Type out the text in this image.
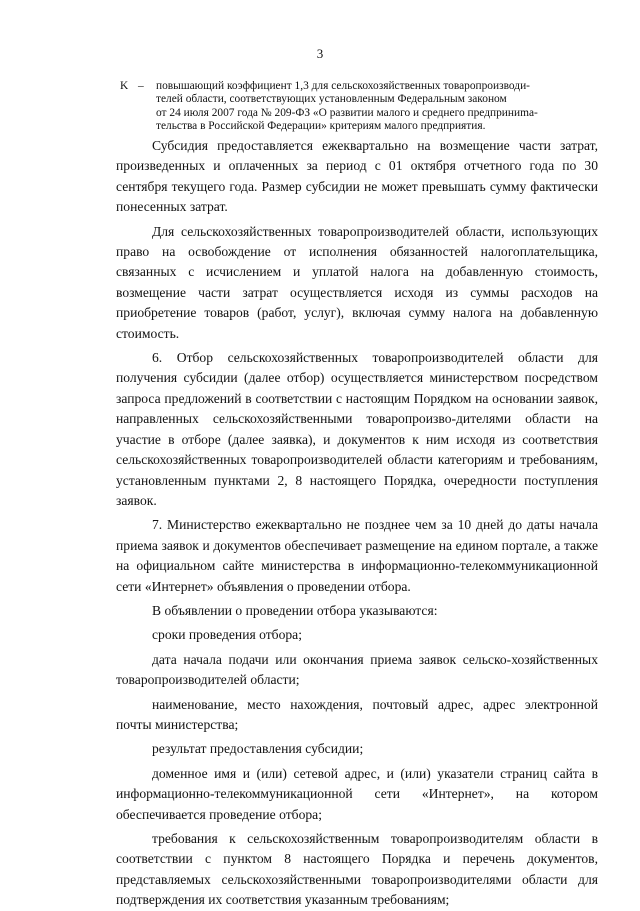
3
K – повышающий коэффициент 1,3 для сельскохозяйственных товаропроизводи-
телей области, соответствующих установленным Федеральным законом
от 24 июля 2007 года № 209-ФЗ «О развитии малого и среднего предприниma-
тельства в Российской Федерации» критериям малого предприятия.

Субсидия предоставляется ежеквартально на возмещение части затрат, произведенных и оплаченных за период с 01 октября отчетного года по 30 сентября текущего года. Размер субсидии не может превышать сумму фактически понесенных затрат.

Для сельскохозяйственных товаропроизводителей области, использующих право на освобождение от исполнения обязанностей налогоплательщика, связанных с исчислением и уплатой налога на добавленную стоимость, возмещение части затрат осуществляется исходя из суммы расходов на приобретение товаров (работ, услуг), включая сумму налога на добавленную стоимость.

6. Отбор сельскохозяйственных товаропроизводителей области для получения субсидии (далее отбор) осуществляется министерством посредством запроса предложений в соответствии с настоящим Порядком на основании заявок, направленных сельскохозяйственными товаропроизво-дителями области на участие в отборе (далее заявка), и документов к ним исходя из соответствия сельскохозяйственных товаропроизводителей области категориям и требованиям, установленным пунктами 2, 8 настоящего Порядка, очередности поступления заявок.

7. Министерство ежеквартально не позднее чем за 10 дней до даты начала приема заявок и документов обеспечивает размещение на едином портале, а также на официальном сайте министерства в информационно-телекоммуникационной сети «Интернет» объявления о проведении отбора.

В объявлении о проведении отбора указываются:

сроки проведения отбора;

дата начала подачи или окончания приема заявок сельско-хозяйственных товаропроизводителей области;

наименование, место нахождения, почтовый адрес, адрес электронной почты министерства;

результат предоставления субсидии;

доменное имя и (или) сетевой адрес, и (или) указатели страниц сайта в информационно-телекоммуникационной сети «Интернет», на котором обеспечивается проведение отбора;

требования к сельскохозяйственным товаропроизводителям области в соответствии с пунктом 8 настоящего Порядка и перечень документов, представляемых сельскохозяйственными товаропроизводителями области для подтверждения их соответствия указанным требованиям;
